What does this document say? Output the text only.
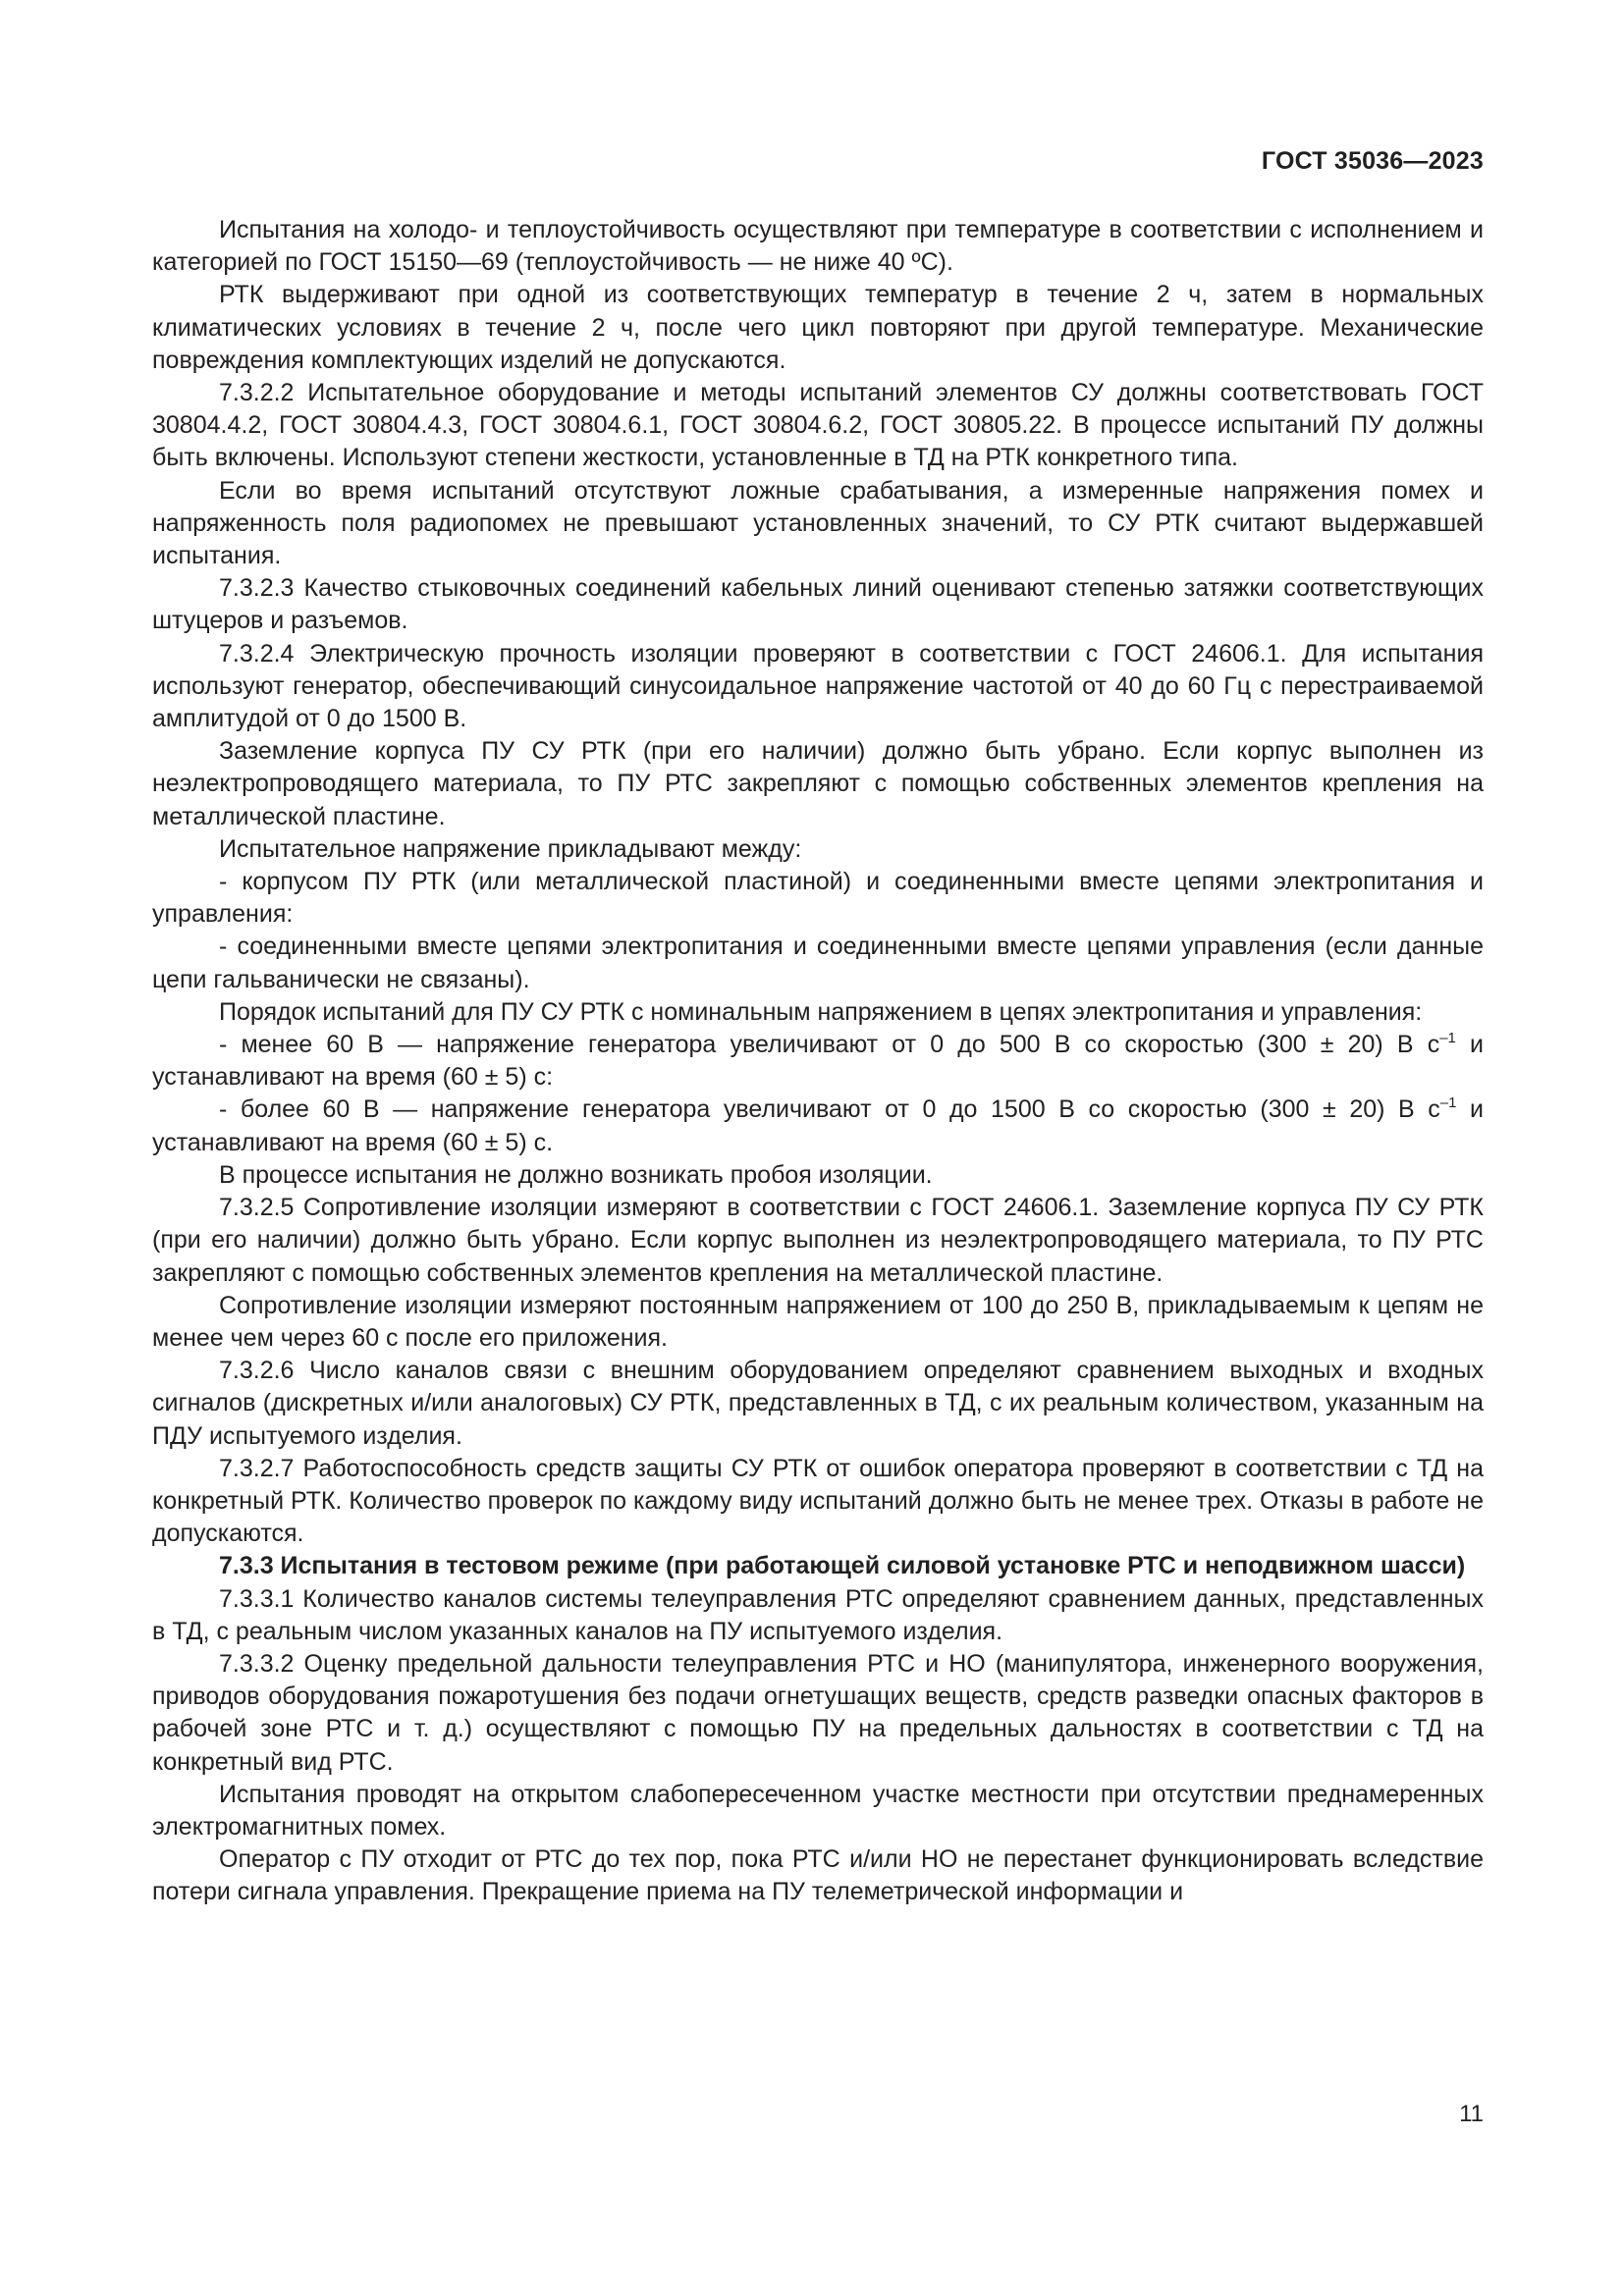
ГОСТ 35036—2023

Испытания на холодо- и теплоустойчивость осуществляют при температуре в соответствии с исполнением и категорией по ГОСТ 15150—69 (теплоустойчивость — не ниже 40 ºС).

РТК выдерживают при одной из соответствующих температур в течение 2 ч, затем в нормальных климатических условиях в течение 2 ч, после чего цикл повторяют при другой температуре. Механические повреждения комплектующих изделий не допускаются.

7.3.2.2 Испытательное оборудование и методы испытаний элементов СУ должны соответствовать ГОСТ 30804.4.2, ГОСТ 30804.4.3, ГОСТ 30804.6.1, ГОСТ 30804.6.2, ГОСТ 30805.22. В процессе испытаний ПУ должны быть включены. Используют степени жесткости, установленные в ТД на РТК конкретного типа.

Если во время испытаний отсутствуют ложные срабатывания, а измеренные напряжения помех и напряженность поля радиопомех не превышают установленных значений, то СУ РТК считают выдержавшей испытания.

7.3.2.3 Качество стыковочных соединений кабельных линий оценивают степенью затяжки соответствующих штуцеров и разъемов.

7.3.2.4 Электрическую прочность изоляции проверяют в соответствии с ГОСТ 24606.1. Для испытания используют генератор, обеспечивающий синусоидальное напряжение частотой от 40 до 60 Гц с перестраиваемой амплитудой от 0 до 1500 В.

Заземление корпуса ПУ СУ РТК (при его наличии) должно быть убрано. Если корпус выполнен из неэлектропроводящего материала, то ПУ РТС закрепляют с помощью собственных элементов крепления на металлической пластине.

Испытательное напряжение прикладывают между:

- корпусом ПУ РТК (или металлической пластиной) и соединенными вместе цепями электропитания и управления:

- соединенными вместе цепями электропитания и соединенными вместе цепями управления (если данные цепи гальванически не связаны).

Порядок испытаний для ПУ СУ РТК с номинальным напряжением в цепях электропитания и управления:

- менее 60 В — напряжение генератора увеличивают от 0 до 500 В со скоростью (300 ± 20) В $с^{-1}$ и устанавливают на время (60 ± 5) с:

- более 60 В — напряжение генератора увеличивают от 0 до 1500 В со скоростью (300 ± 20) В $с^{-1}$ и устанавливают на время (60 ± 5) с.

В процессе испытания не должно возникать пробоя изоляции.

7.3.2.5 Сопротивление изоляции измеряют в соответствии с ГОСТ 24606.1. Заземление корпуса ПУ СУ РТК (при его наличии) должно быть убрано. Если корпус выполнен из неэлектропроводящего материала, то ПУ РТС закрепляют с помощью собственных элементов крепления на металлической пластине.

Сопротивление изоляции измеряют постоянным напряжением от 100 до 250 В, прикладываемым к цепям не менее чем через 60 с после его приложения.

7.3.2.6 Число каналов связи с внешним оборудованием определяют сравнением выходных и входных сигналов (дискретных и/или аналоговых) СУ РТК, представленных в ТД, с их реальным количеством, указанным на ПДУ испытуемого изделия.

7.3.2.7 Работоспособность средств защиты СУ РТК от ошибок оператора проверяют в соответствии с ТД на конкретный РТК. Количество проверок по каждому виду испытаний должно быть не менее трех. Отказы в работе не допускаются.

7.3.3 Испытания в тестовом режиме (при работающей силовой установке РТС и неподвижном шасси)

7.3.3.1 Количество каналов системы телеуправления РТС определяют сравнением данных, представленных в ТД, с реальным числом указанных каналов на ПУ испытуемого изделия.

7.3.3.2 Оценку предельной дальности телеуправления РТС и НО (манипулятора, инженерного вооружения, приводов оборудования пожаротушения без подачи огнетушащих веществ, средств разведки опасных факторов в рабочей зоне РТС и т. д.) осуществляют с помощью ПУ на предельных дальностях в соответствии с ТД на конкретный вид РТС.

Испытания проводят на открытом слабопересеченном участке местности при отсутствии преднамеренных электромагнитных помех.

Оператор с ПУ отходит от РТС до тех пор, пока РТС и/или НО не перестанет функционировать вследствие потери сигнала управления. Прекращение приема на ПУ телеметрической информации и

11
